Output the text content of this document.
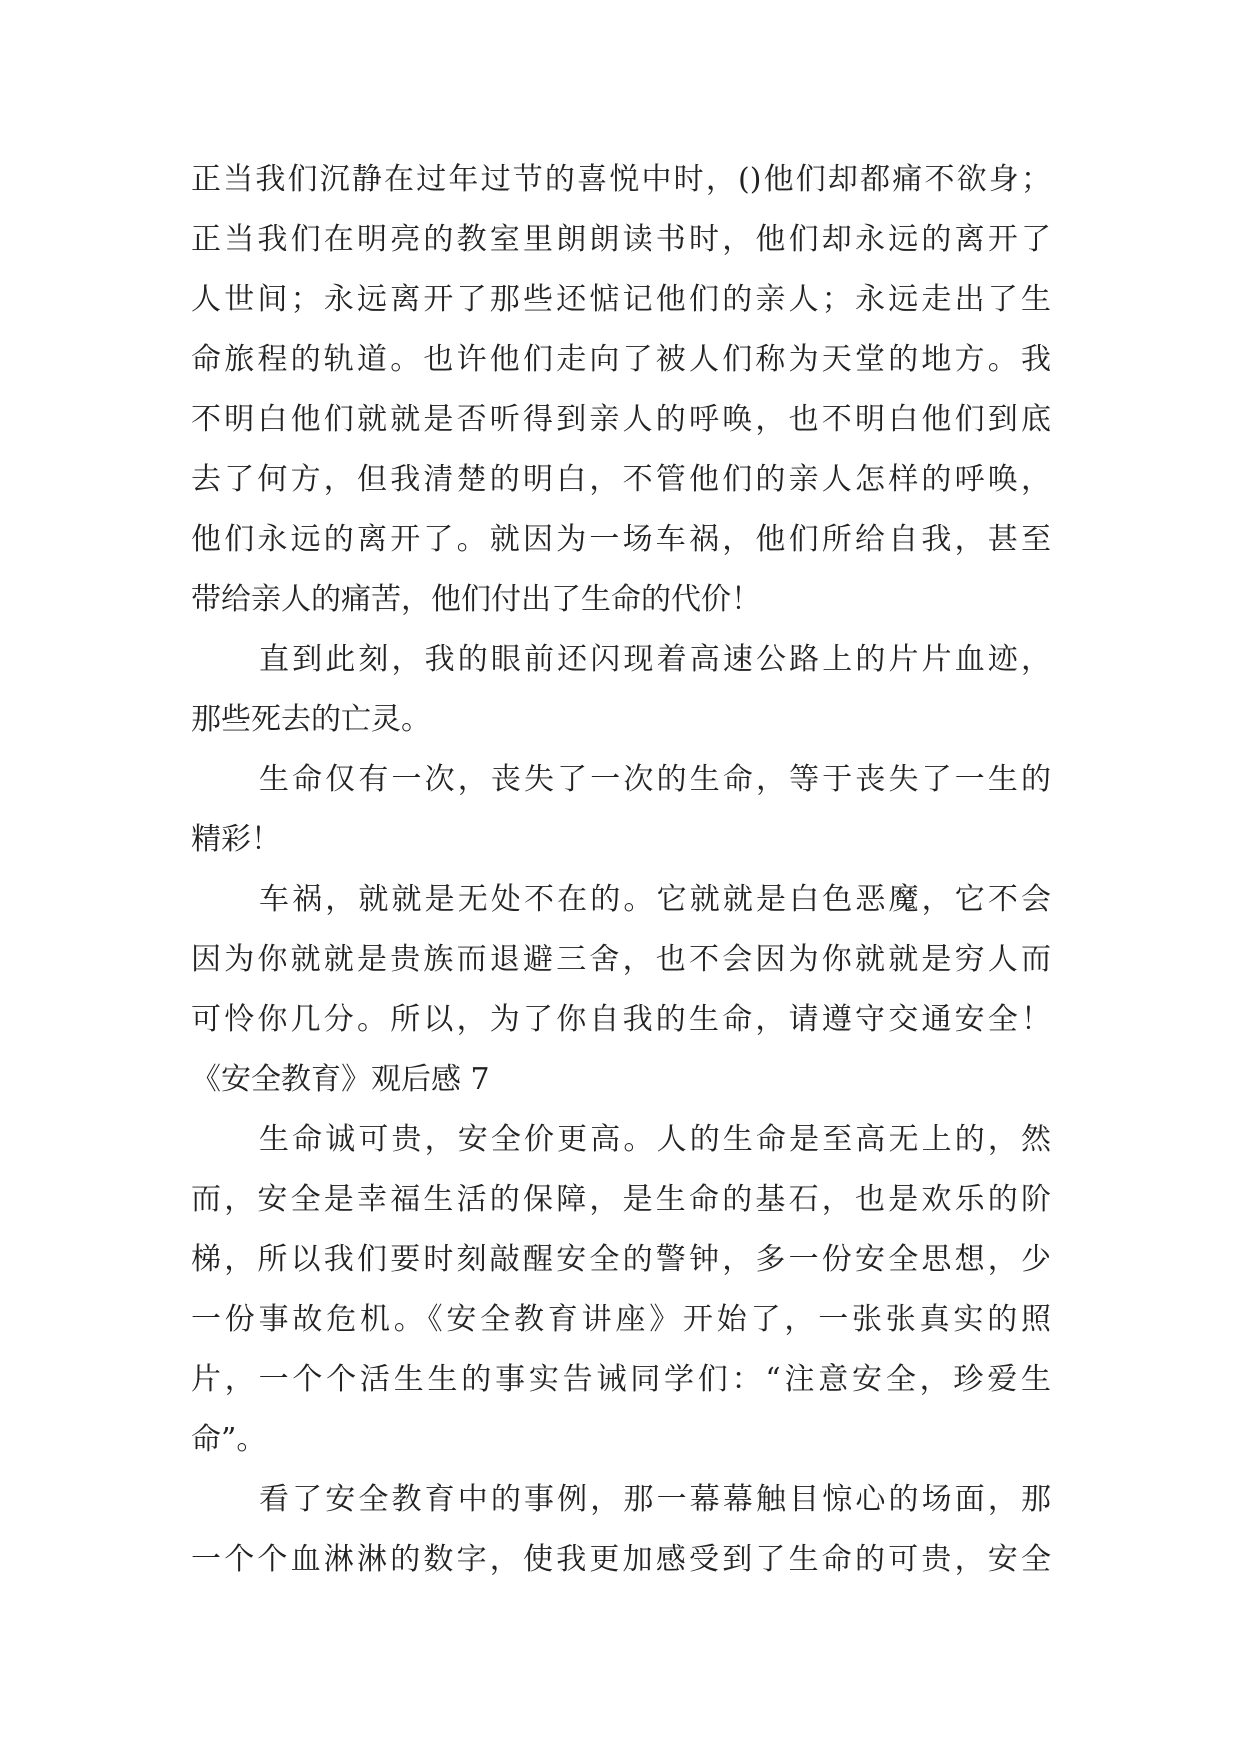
正当我们沉静在过年过节的喜悦中时，()他们却都痛不欲身；
正当我们在明亮的教室里朗朗读书时，他们却永远的离开了
人世间；永远离开了那些还惦记他们的亲人；永远走出了生
命旅程的轨道。也许他们走向了被人们称为天堂的地方。我
不明白他们就就是否听得到亲人的呼唤，也不明白他们到底
去了何方，但我清楚的明白，不管他们的亲人怎样的呼唤，
他们永远的离开了。就因为一场车祸，他们所给自我，甚至
带给亲人的痛苦，他们付出了生命的代价！
直到此刻，我的眼前还闪现着高速公路上的片片血迹，
那些死去的亡灵。
生命仅有一次，丧失了一次的生命，等于丧失了一生的
精彩！
车祸，就就是无处不在的。它就就是白色恶魔，它不会
因为你就就是贵族而退避三舍，也不会因为你就就是穷人而
可怜你几分。所以，为了你自我的生命，请遵守交通安全！
《安全教育》观后感 7
生命诚可贵，安全价更高。人的生命是至高无上的，然
而，安全是幸福生活的保障，是生命的基石，也是欢乐的阶
梯，所以我们要时刻敲醒安全的警钟，多一份安全思想，少
一份事故危机。《安全教育讲座》开始了，一张张真实的照
片，一个个活生生的事实告诫同学们：“注意安全，珍爱生
命”。
看了安全教育中的事例，那一幕幕触目惊心的场面，那
一个个血淋淋的数字，使我更加感受到了生命的可贵，安全
